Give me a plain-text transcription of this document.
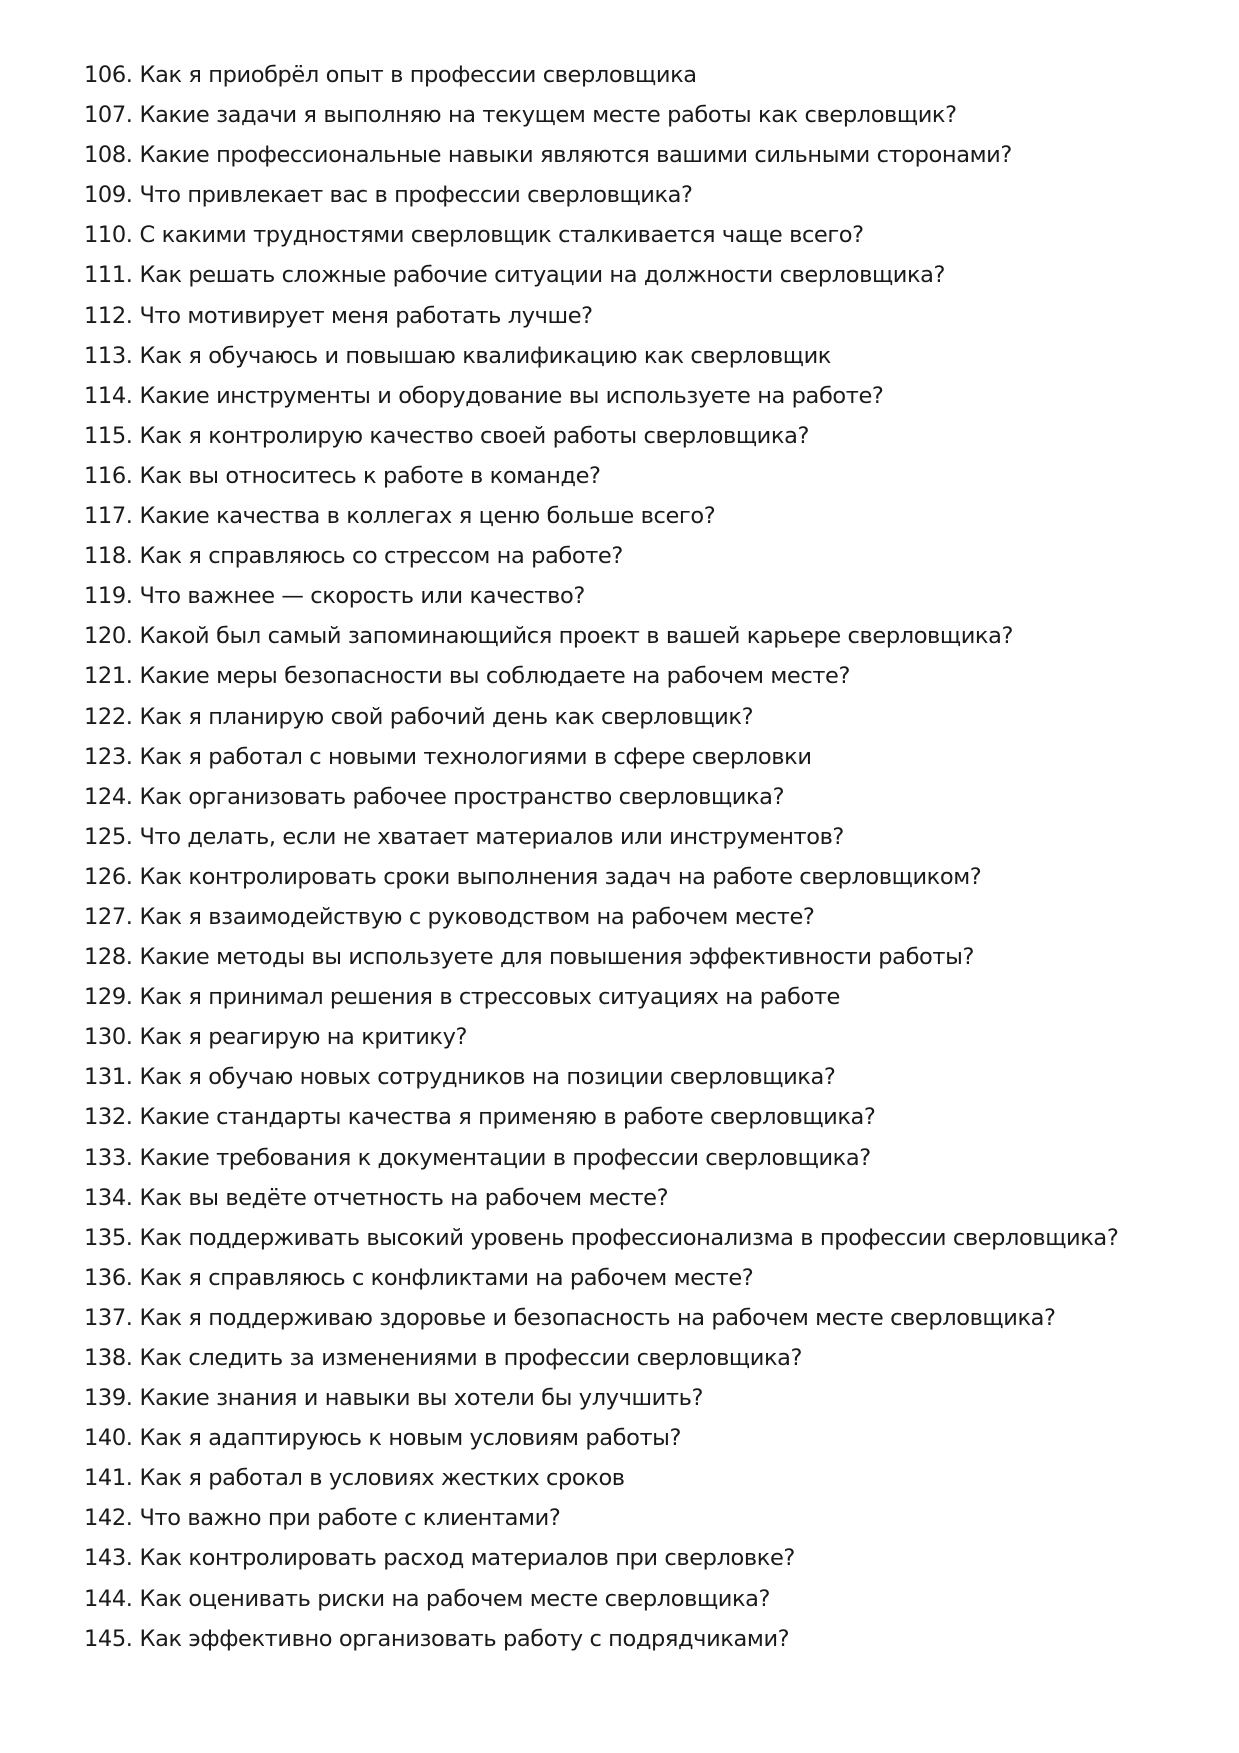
106. Как я приобрёл опыт в профессии сверловщика
107. Какие задачи я выполняю на текущем месте работы как сверловщик?
108. Какие профессиональные навыки являются вашими сильными сторонами?
109. Что привлекает вас в профессии сверловщика?
110. С какими трудностями сверловщик сталкивается чаще всего?
111. Как решать сложные рабочие ситуации на должности сверловщика?
112. Что мотивирует меня работать лучше?
113. Как я обучаюсь и повышаю квалификацию как сверловщик
114. Какие инструменты и оборудование вы используете на работе?
115. Как я контролирую качество своей работы сверловщика?
116. Как вы относитесь к работе в команде?
117. Какие качества в коллегах я ценю больше всего?
118. Как я справляюсь со стрессом на работе?
119. Что важнее — скорость или качество?
120. Какой был самый запоминающийся проект в вашей карьере сверловщика?
121. Какие меры безопасности вы соблюдаете на рабочем месте?
122. Как я планирую свой рабочий день как сверловщик?
123. Как я работал с новыми технологиями в сфере сверловки
124. Как организовать рабочее пространство сверловщика?
125. Что делать, если не хватает материалов или инструментов?
126. Как контролировать сроки выполнения задач на работе сверловщиком?
127. Как я взаимодействую с руководством на рабочем месте?
128. Какие методы вы используете для повышения эффективности работы?
129. Как я принимал решения в стрессовых ситуациях на работе
130. Как я реагирую на критику?
131. Как я обучаю новых сотрудников на позиции сверловщика?
132. Какие стандарты качества я применяю в работе сверловщика?
133. Какие требования к документации в профессии сверловщика?
134. Как вы ведёте отчетность на рабочем месте?
135. Как поддерживать высокий уровень профессионализма в профессии сверловщика?
136. Как я справляюсь с конфликтами на рабочем месте?
137. Как я поддерживаю здоровье и безопасность на рабочем месте сверловщика?
138. Как следить за изменениями в профессии сверловщика?
139. Какие знания и навыки вы хотели бы улучшить?
140. Как я адаптируюсь к новым условиям работы?
141. Как я работал в условиях жестких сроков
142. Что важно при работе с клиентами?
143. Как контролировать расход материалов при сверловке?
144. Как оценивать риски на рабочем месте сверловщика?
145. Как эффективно организовать работу с подрядчиками?
